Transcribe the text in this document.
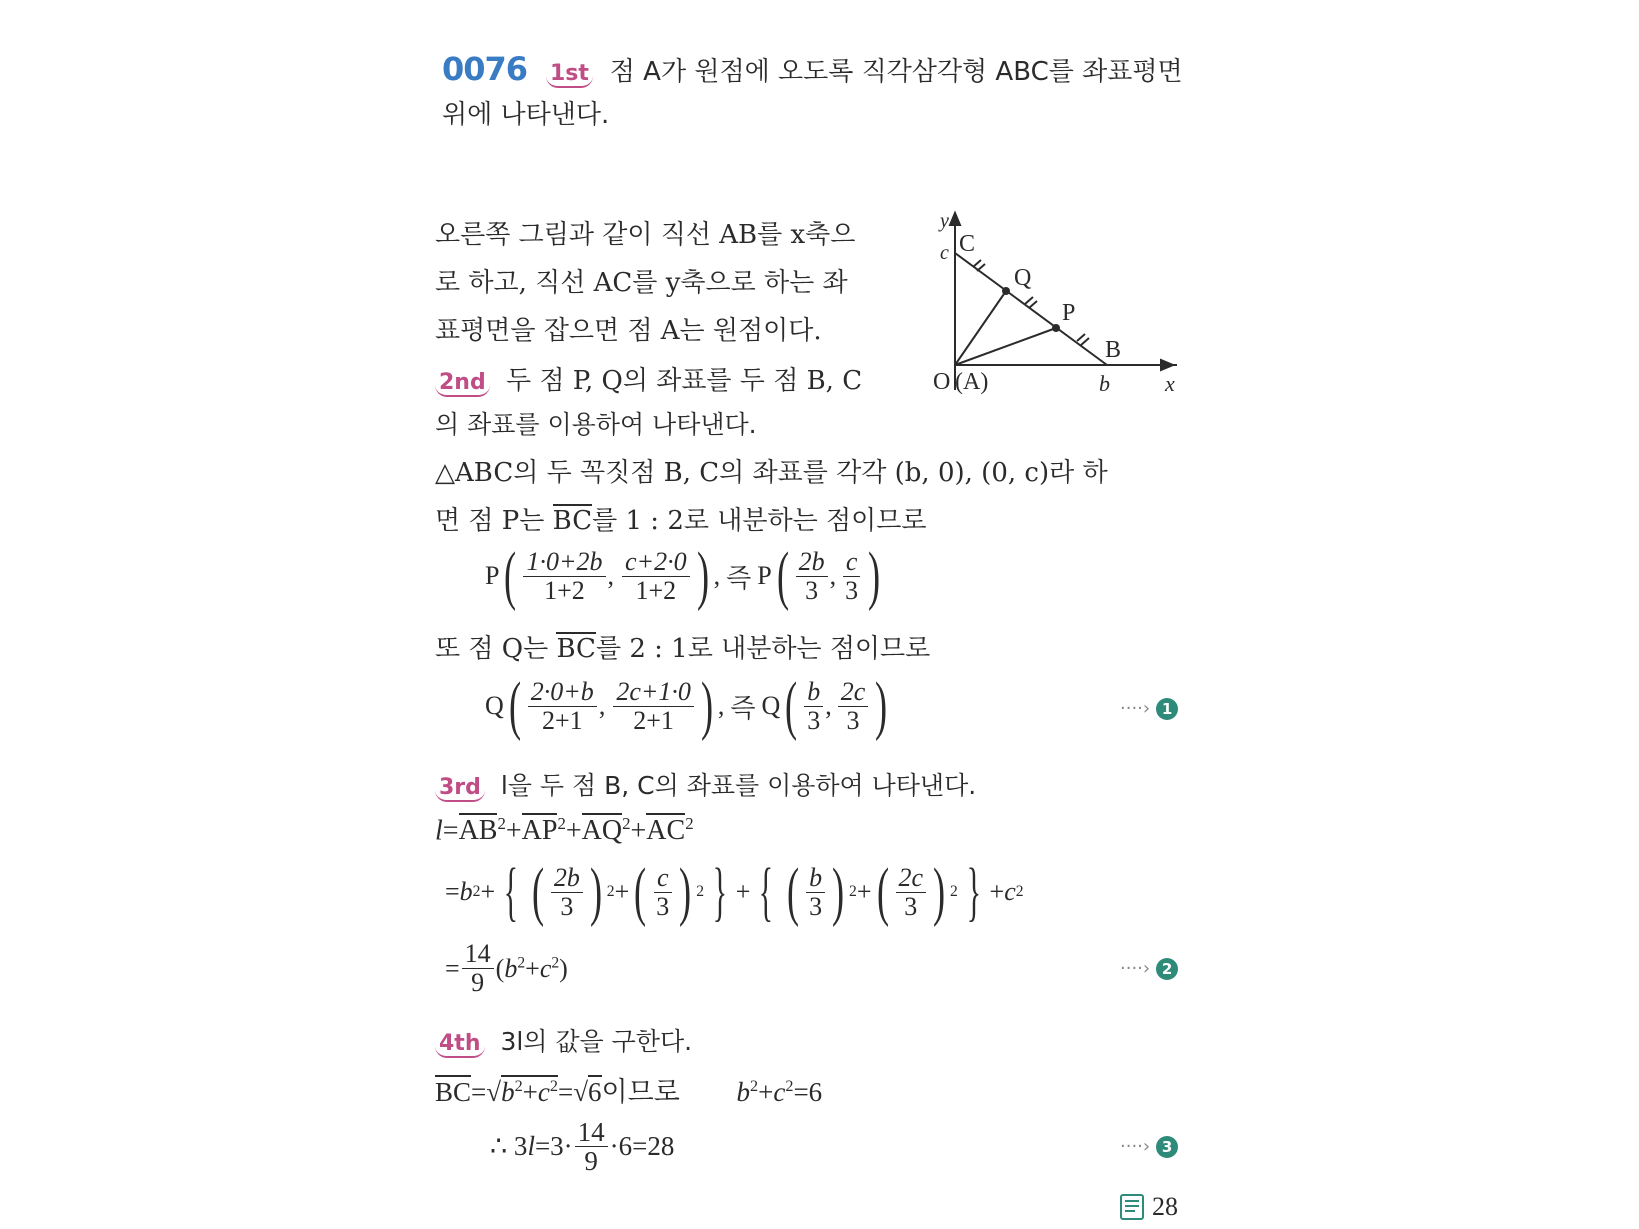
0076 1st 점 A가 원점에 오도록 직각삼각형 ABC를 좌표평면
위에 나타낸다.
오른쪽 그림과 같이 직선 AB를 x축으
로 하고, 직선 AC를 y축으로 하는 좌
표평면을 잡으면 점 A는 원점이다.
y
c C
Q
P
B
O (A)	b	x
2nd 두 점 P, Q의 좌표를 두 점 B, C
의 좌표를 이용하여 나타낸다.
△ABC의 두 꼭짓점 B, C의 좌표를 각각 (b, 0), (0, c)라 하
면 점 P는 BC를 1 : 2로 내분하는 점이므로
P ( $\frac{1\cdot 0+2b}{1+2}$ , $\frac{c+2\cdot 0}{1+2}$ ) , 즉 P ( $\frac{2b}{3}$ , $\frac{c}{3}$ )
또 점 Q는 BC를 2 : 1로 내분하는 점이므로
Q ( $\frac{2\cdot 0+b}{2+1}$ , $\frac{2c+1\cdot 0}{2+1}$ ) , 즉 Q ( $\frac{b}{3}$ , $\frac{2c}{3}$ )	····› 1
3rd l을 두 점 B, C의 좌표를 이용하여 나타낸다.
$l=AB^2+AP^2+AQ^2+AC^2$
= b 2 + { ( $\frac{2b}{3}$ ) 2 + ( $\frac{c}{3}$ ) 2 } + { ( $\frac{b}{3}$ ) 2 + ( $\frac{2c}{3}$ ) 2 } + c 2
= $\frac{14}{9} (b^2+c^2)$	····› 2
4th 3l의 값을 구한다.
$BC=√b^2+c^2=√6$이므로 $b^2+c^2=6$
∴ $3l=3\cdot \frac{14}{9} \cdot 6 = 28$	····› 3
28
